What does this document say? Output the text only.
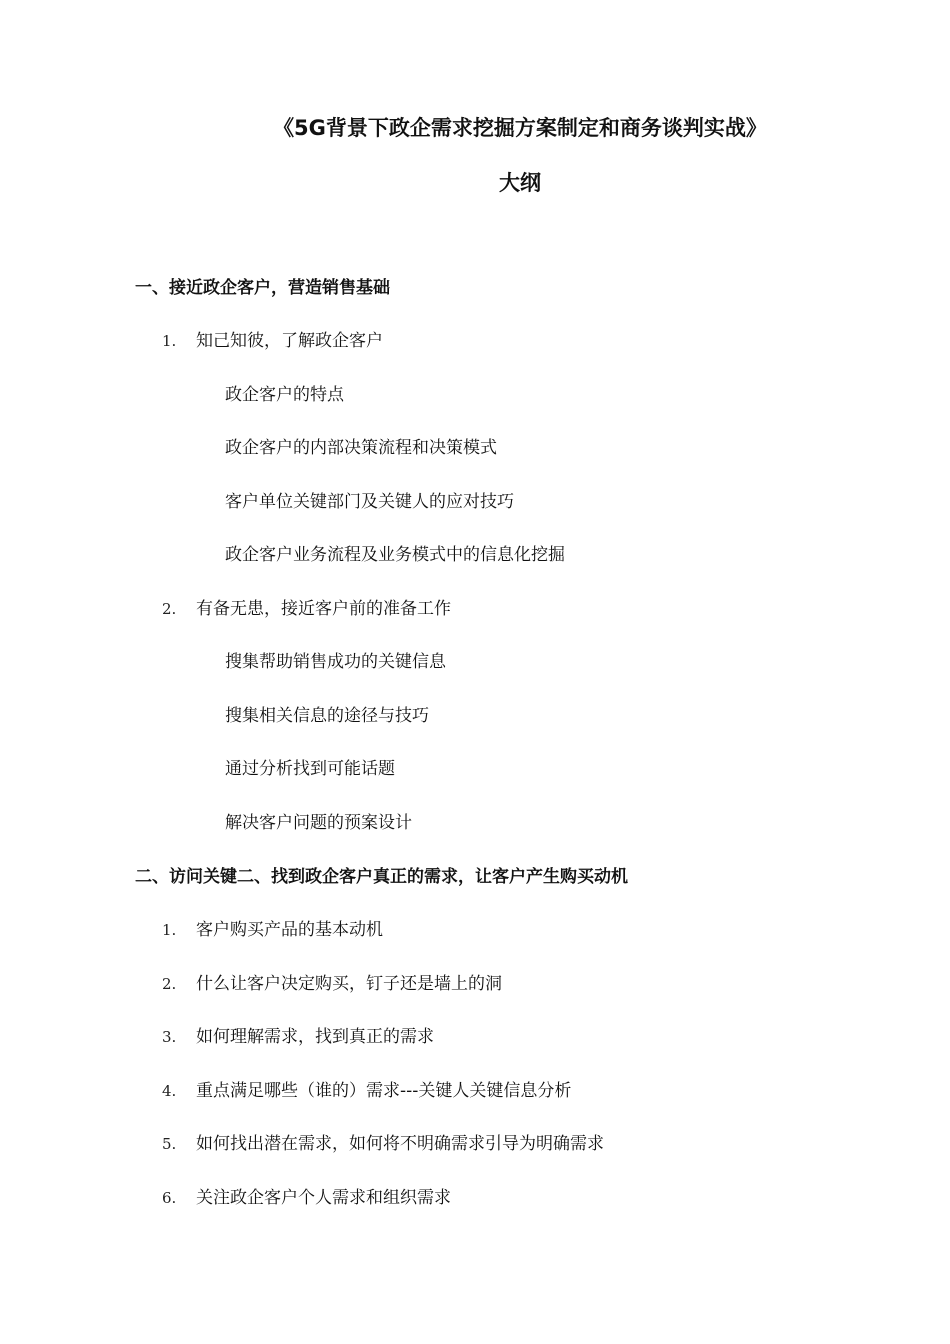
《5G背景下政企需求挖掘方案制定和商务谈判实战》
大纲
一、接近政企客户，营造销售基础
1. 知己知彼，了解政企客户
政企客户的特点
政企客户的内部决策流程和决策模式
客户单位关键部门及关键人的应对技巧
政企客户业务流程及业务模式中的信息化挖掘
2. 有备无患，接近客户前的准备工作
搜集帮助销售成功的关键信息
搜集相关信息的途径与技巧
通过分析找到可能话题
解决客户问题的预案设计
二、访问关键二、找到政企客户真正的需求，让客户产生购买动机
1. 客户购买产品的基本动机
2. 什么让客户决定购买，钉子还是墙上的洞
3. 如何理解需求，找到真正的需求
4. 重点满足哪些（谁的）需求---关键人关键信息分析
5. 如何找出潜在需求，如何将不明确需求引导为明确需求
6. 关注政企客户个人需求和组织需求
